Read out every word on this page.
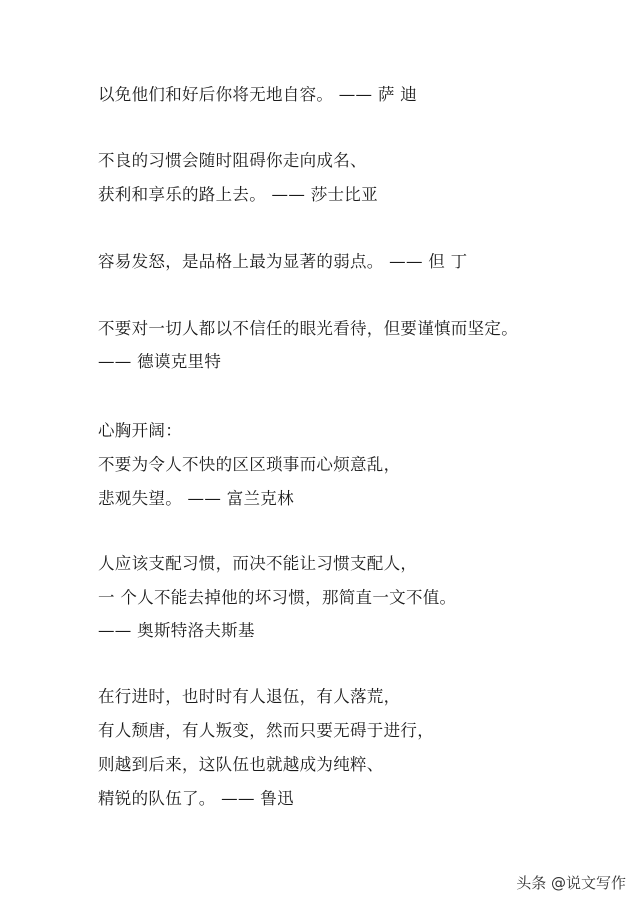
以免他们和好后你将无地自容。 —— 萨 迪
不良的习惯会随时阻碍你走向成名、
获利和享乐的路上去。 —— 莎士比亚
容易发怒，是品格上最为显著的弱点。 —— 但 丁
不要对一切人都以不信任的眼光看待，但要谨慎而坚定。
—— 德谟克里特
心胸开阔：
不要为令人不快的区区琐事而心烦意乱，
悲观失望。 —— 富兰克林
人应该支配习惯，而决不能让习惯支配人，
一 个人不能去掉他的坏习惯，那简直一文不值。
—— 奥斯特洛夫斯基
在行进时，也时时有人退伍，有人落荒，
有人颓唐，有人叛变，然而只要无碍于进行，
则越到后来，这队伍也就越成为纯粹、
精锐的队伍了。 —— 鲁迅
头条 @说文写作
